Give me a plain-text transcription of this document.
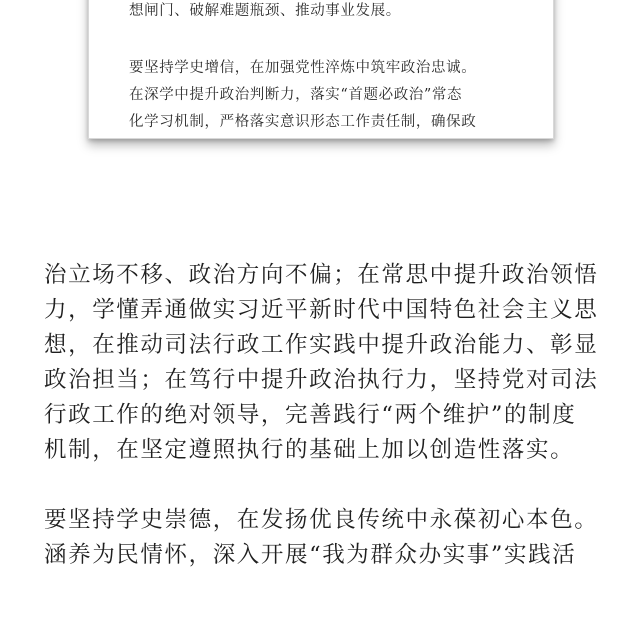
想闸门、破解难题瓶颈、推动事业发展。

要坚持学史增信，在加强党性淬炼中筑牢政治忠诚。
在深学中提升政治判断力，落实“首题必政治”常态
化学习机制，严格落实意识形态工作责任制，确保政

治立场不移、政治方向不偏；在常思中提升政治领悟
力，学懂弄通做实习近平新时代中国特色社会主义思
想，在推动司法行政工作实践中提升政治能力、彰显
政治担当；在笃行中提升政治执行力，坚持党对司法
行政工作的绝对领导，完善践行“两个维护”的制度
机制，在坚定遵照执行的基础上加以创造性落实。

要坚持学史崇德，在发扬优良传统中永葆初心本色。
涵养为民情怀，深入开展“我为群众办实事”实践活
